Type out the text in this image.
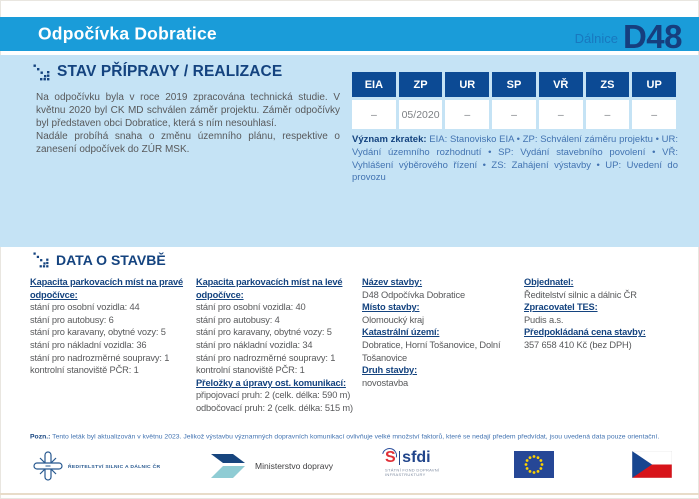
Odpočívka Dobratice	Dálnice D48
STAV PŘÍPRAVY / REALIZACE

Na odpočívku byla v roce 2019 zpracována technická studie. V květnu 2020 byl CK MD schválen záměr projektu. Záměr odpočívky byl představen obci Dobratice, která s ním nesouhlasí.

Nadále probíhá snaha o změnu územního plánu, respektive o zanesení odpočívek do ZÚR MSK.

EIA	ZP	UR	SP	VŘ	ZS	UP
–	05/2020	–	–	–	–	–
Význam zkratek: EIA: Stanovisko EIA • ZP: Schválení záměru projektu • UR: Vydání územního rozhodnutí • SP: Vydání stavebního povolení • VŘ: Vyhlášení výběrového řízení • ZS: Zahájení výstavby • UP: Uvedení do provozu
DATA O STAVBĚ
Kapacita parkovacích míst na pravé odpočívce:
stání pro osobní vozidla: 44
stání pro autobusy: 6
stání pro karavany, obytné vozy: 5
stání pro nákladní vozidla: 36
stání pro nadrozměrné soupravy: 1
kontrolní stanoviště PČR: 1
Kapacita parkovacích míst na levé odpočívce:
stání pro osobní vozidla: 40
stání pro autobusy: 4
stání pro karavany, obytné vozy: 5
stání pro nákladní vozidla: 34
stání pro nadrozměrné soupravy: 1
kontrolní stanoviště PČR: 1
Přeložky a úpravy ost. komunikací:
připojovací pruh: 2 (celk. délka: 590 m)
odbočovací pruh: 2 (celk. délka: 515 m)
Název stavby:
D48 Odpočívka Dobratice
Místo stavby:
Olomoucký kraj
Katastrální území:
Dobratice, Horní Tošanovice, Dolní Tošanovice
Druh stavby:
novostavba
Objednatel:
Ředitelství silnic a dálnic ČR
Zpracovatel TES:
Pudis a.s.
Předpokládaná cena stavby:
357 658 410 Kč (bez DPH)
Pozn.: Tento leták byl aktualizován v květnu 2023. Jelikož výstavbu významných dopravních komunikací ovlivňuje velké množství faktorů, které se nedají předem předvídat, jsou uvedená data pouze orientační.
ŘEDITELSTVÍ SILNIC A DÁLNIC ČR	Ministerstvo dopravy	S sfdi
STÁTNÍ FOND DOPRAVNÍ
INFRASTRUKTURY
